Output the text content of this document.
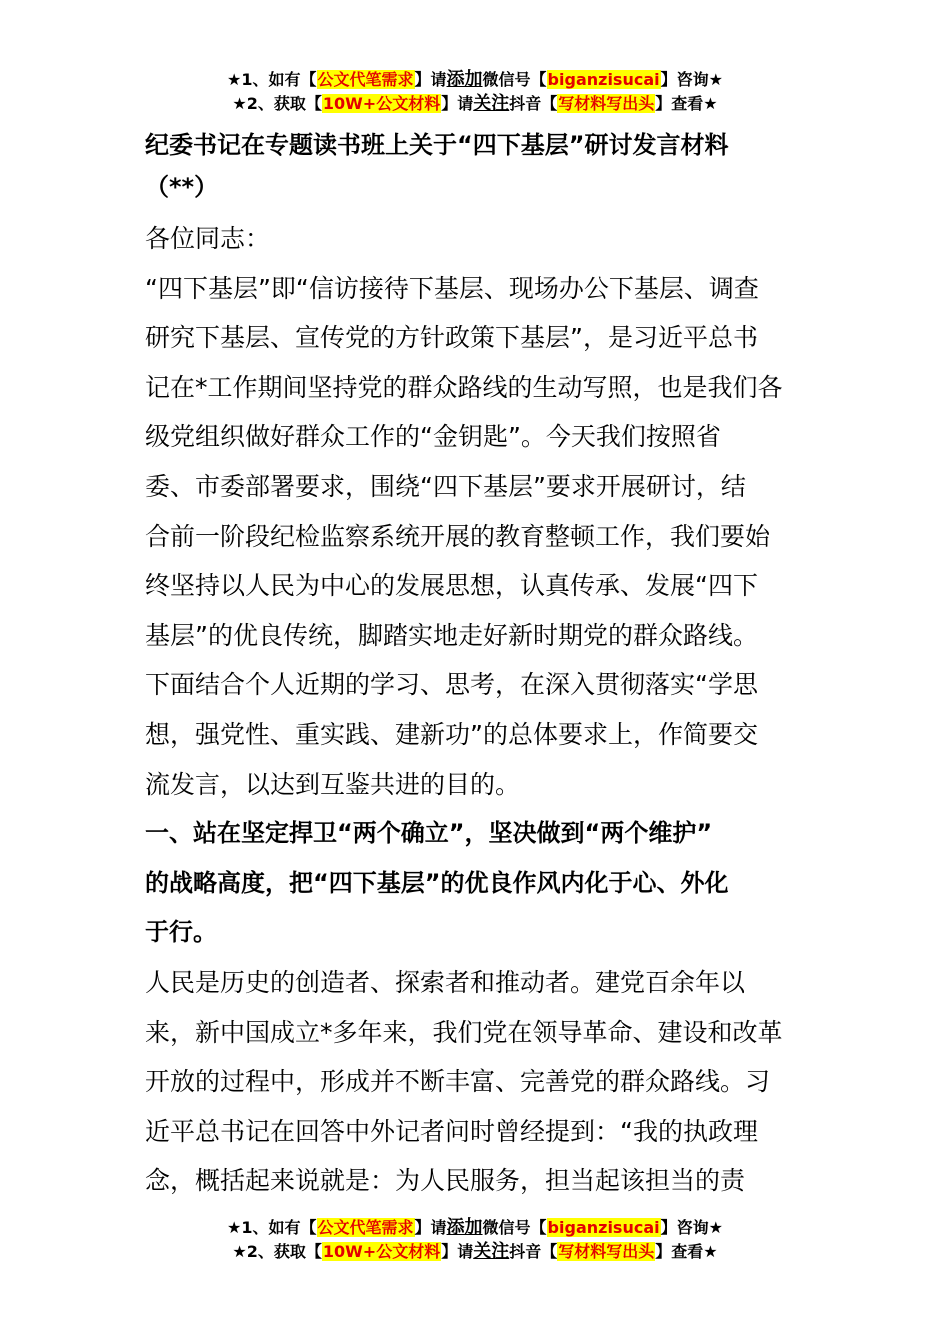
★1、如有【公文代笔需求】请添加微信号【biganzisucai】咨询★
★2、获取【10W+公文材料】请关注抖音【写材料写出头】查看★
纪委书记在专题读书班上关于“四下基层”研讨发言材料
（**）

各位同志：

“四下基层”即“信访接待下基层、现场办公下基层、调查
研究下基层、宣传党的方针政策下基层”，是习近平总书
记在*工作期间坚持党的群众路线的生动写照，也是我们各
级党组织做好群众工作的“金钥匙”。今天我们按照省
委、市委部署要求，围绕“四下基层”要求开展研讨，结
合前一阶段纪检监察系统开展的教育整顿工作，我们要始
终坚持以人民为中心的发展思想，认真传承、发展“四下
基层”的优良传统，脚踏实地走好新时期党的群众路线。
下面结合个人近期的学习、思考，在深入贯彻落实“学思
想，强党性、重实践、建新功”的总体要求上，作简要交
流发言，以达到互鉴共进的目的。

一、站在坚定捍卫“两个确立”，坚决做到“两个维护”
的战略高度，把“四下基层”的优良作风内化于心、外化
于行。

人民是历史的创造者、探索者和推动者。建党百余年以
来，新中国成立*多年来，我们党在领导革命、建设和改革
开放的过程中，形成并不断丰富、完善党的群众路线。习
近平总书记在回答中外记者问时曾经提到：“我的执政理
念，概括起来说就是：为人民服务，担当起该担当的责

★1、如有【公文代笔需求】请添加微信号【biganzisucai】咨询★
★2、获取【10W+公文材料】请关注抖音【写材料写出头】查看★
